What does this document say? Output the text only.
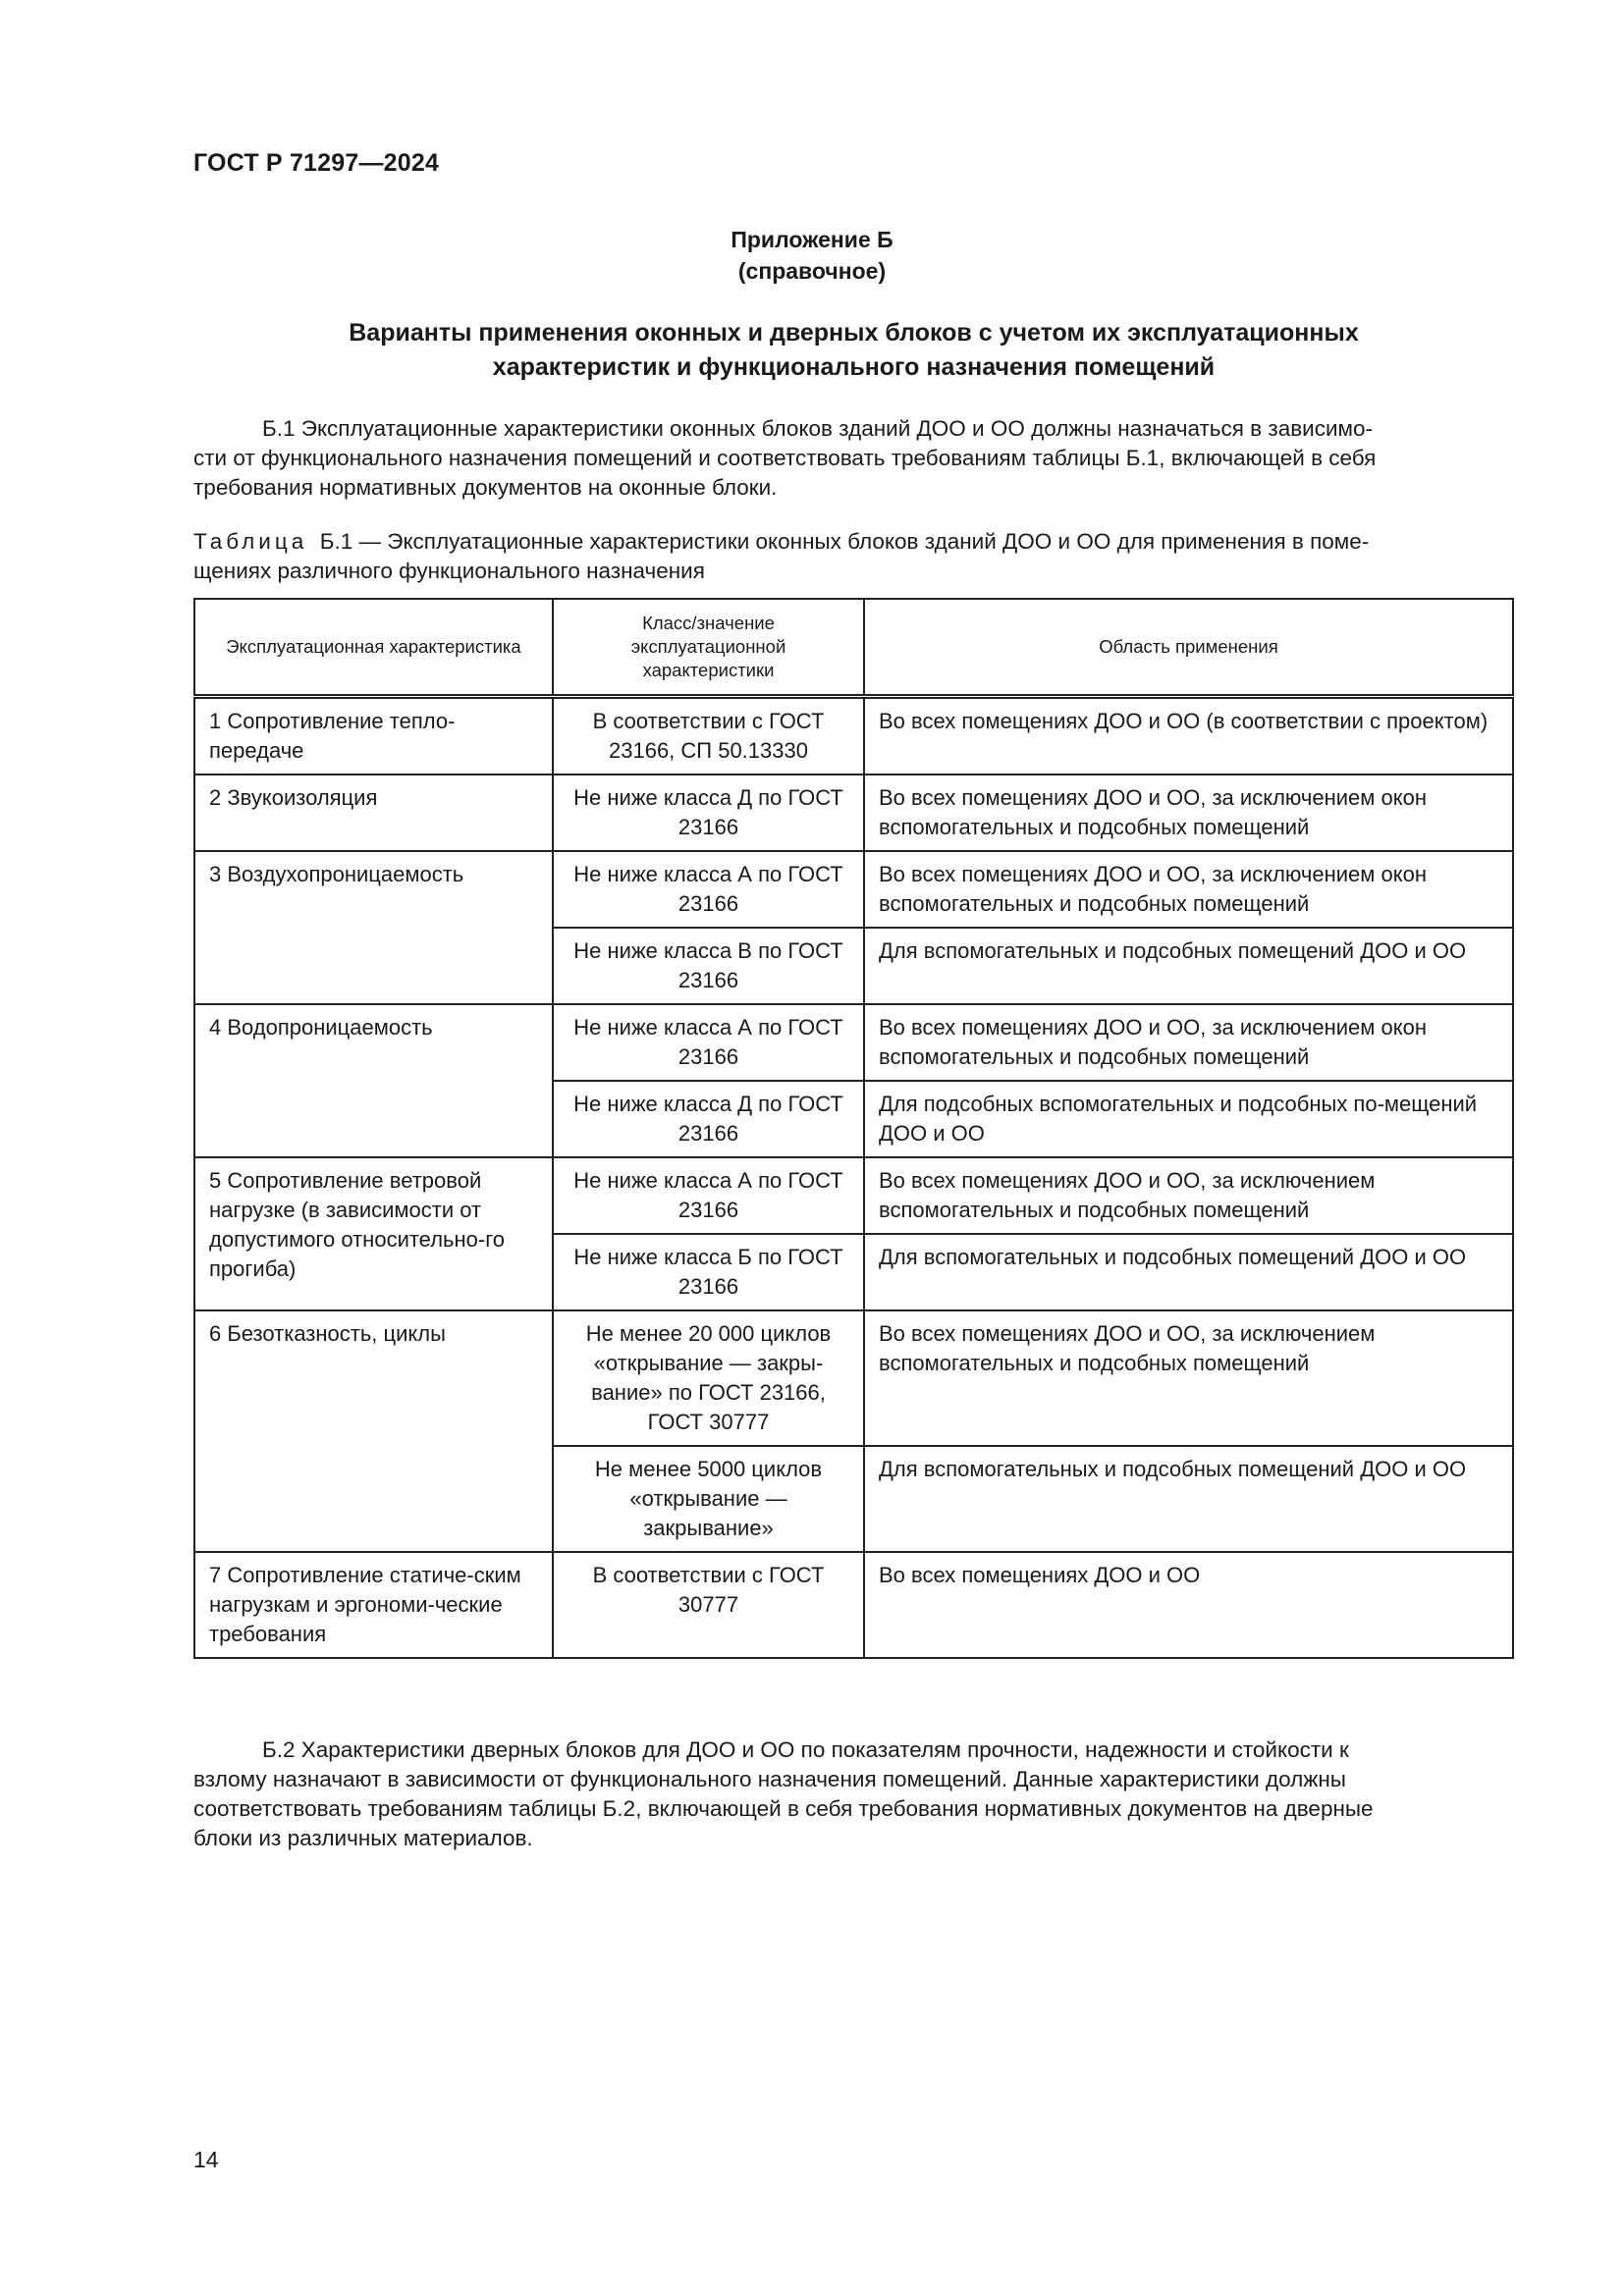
ГОСТ Р 71297—2024
Приложение Б
(справочное)
Варианты применения оконных и дверных блоков с учетом их эксплуатационных
характеристик и функционального назначения помещений
Б.1 Эксплуатационные характеристики оконных блоков зданий ДОО и ОО должны назначаться в зависимо-
сти от функционального назначения помещений и соответствовать требованиям таблицы Б.1, включающей в себя
требования нормативных документов на оконные блоки.
Таблица Б.1 — Эксплуатационные характеристики оконных блоков зданий ДОО и ОО для применения в поме-
щениях различного функционального назначения
Эксплуатационная характеристика	Класс/значение эксплуатационной характеристики	Область применения
1 Сопротивление тепло-передаче	В соответствии с ГОСТ 23166, СП 50.13330	Во всех помещениях ДОО и ОО (в соответствии с проектом)
2 Звукоизоляция	Не ниже класса Д по ГОСТ 23166	Во всех помещениях ДОО и ОО, за исключением окон вспомогательных и подсобных помещений
3 Воздухопроницаемость	Не ниже класса А по ГОСТ 23166	Во всех помещениях ДОО и ОО, за исключением окон вспомогательных и подсобных помещений
	Не ниже класса В по ГОСТ 23166	Для вспомогательных и подсобных помещений ДОО и ОО
4 Водопроницаемость	Не ниже класса А по ГОСТ 23166	Во всех помещениях ДОО и ОО, за исключением окон вспомогательных и подсобных помещений
	Не ниже класса Д по ГОСТ 23166	Для подсобных вспомогательных и подсобных по-мещений ДОО и ОО
5 Сопротивление ветровой нагрузке (в зависимости от допустимого относительно-го прогиба)	Не ниже класса А по ГОСТ 23166	Во всех помещениях ДОО и ОО, за исключением вспомогательных и подсобных помещений
	Не ниже класса Б по ГОСТ 23166	Для вспомогательных и подсобных помещений ДОО и ОО
6 Безотказность, циклы	Не менее 20 000 циклов «открывание — закры-вание» по ГОСТ 23166, ГОСТ 30777	Во всех помещениях ДОО и ОО, за исключением вспомогательных и подсобных помещений
	Не менее 5000 циклов «открывание — закрывание»	Для вспомогательных и подсобных помещений ДОО и ОО
7 Сопротивление статиче-ским нагрузкам и эргономи-ческие требования	В соответствии с ГОСТ 30777	Во всех помещениях ДОО и ОО
Б.2 Характеристики дверных блоков для ДОО и ОО по показателям прочности, надежности и стойкости к
взлому назначают в зависимости от функционального назначения помещений. Данные характеристики должны
соответствовать требованиям таблицы Б.2, включающей в себя требования нормативных документов на дверные
блоки из различных материалов.
14
